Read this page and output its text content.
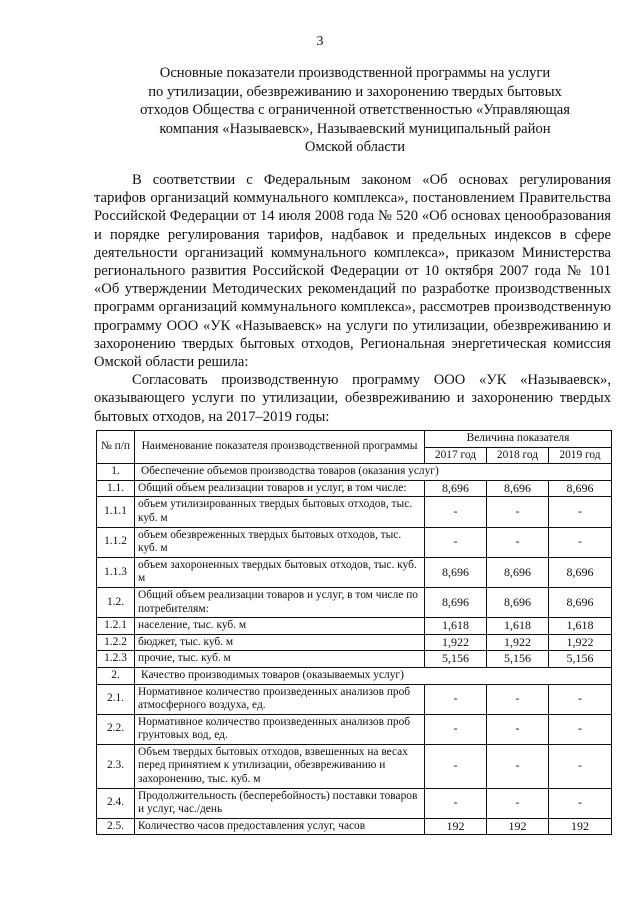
3
Основные показатели производственной программы на услуги
по утилизации, обезвреживанию и захоронению твердых бытовых
отходов Общества с ограниченной ответственностью «Управляющая
компания «Называевск», Называевский муниципальный район
Омской области

В соответствии с Федеральным законом «Об основах регулирования тарифов организаций коммунального комплекса», постановлением Правительства Российской Федерации от 14 июля 2008 года № 520 «Об основах ценообразования и порядке регулирования тарифов, надбавок и предельных индексов в сфере деятельности организаций коммунального комплекса», приказом Министерства регионального развития Российской Федерации от 10 октября 2007 года № 101 «Об утверждении Методических рекомендаций по разработке производственных программ организаций коммунального комплекса», рассмотрев производственную программу ООО «УК «Называевск» на услуги по утилизации, обезвреживанию и захоронению твердых бытовых отходов, Региональная энергетическая комиссия Омской области решила:

Согласовать производственную программу ООО «УК «Называевск», оказывающего услуги по утилизации, обезвреживанию и захоронению твердых бытовых отходов, на 2017–2019 годы:

№ п/п	Наименование показателя производственной программы	Величина показателя		
		2017 год	2018 год	2019 год
1.	Обеспечение объемов производства товаров (оказания услуг)			
1.1.	Общий объем реализации товаров и услуг, в том числе:	8,696	8,696	8,696
1.1.1	объем утилизированных твердых бытовых отходов, тыс. куб. м	-	-	-
1.1.2	объем обезвреженных твердых бытовых отходов, тыс. куб. м	-	-	-
1.1.3	объем захороненных твердых бытовых отходов, тыс. куб. м	8,696	8,696	8,696
1.2.	Общий объем реализации товаров и услуг, в том числе по потребителям:	8,696	8,696	8,696
1.2.1	население, тыс. куб. м	1,618	1,618	1,618
1.2.2	бюджет, тыс. куб. м	1,922	1,922	1,922
1.2.3	прочие, тыс. куб. м	5,156	5,156	5,156
2.	Качество производимых товаров (оказываемых услуг)			
2.1.	Нормативное количество произведенных анализов проб атмосферного воздуха, ед.	-	-	-
2.2.	Нормативное количество произведенных анализов проб грунтовых вод, ед.	-	-	-
2.3.	Объем твердых бытовых отходов, взвешенных на весах перед принятием к утилизации, обезвреживанию и захоронению, тыс. куб. м	-	-	-
2.4.	Продолжительность (бесперебойность) поставки товаров и услуг, час./день	-	-	-
2.5.	Количество часов предоставления услуг, часов	192	192	192
